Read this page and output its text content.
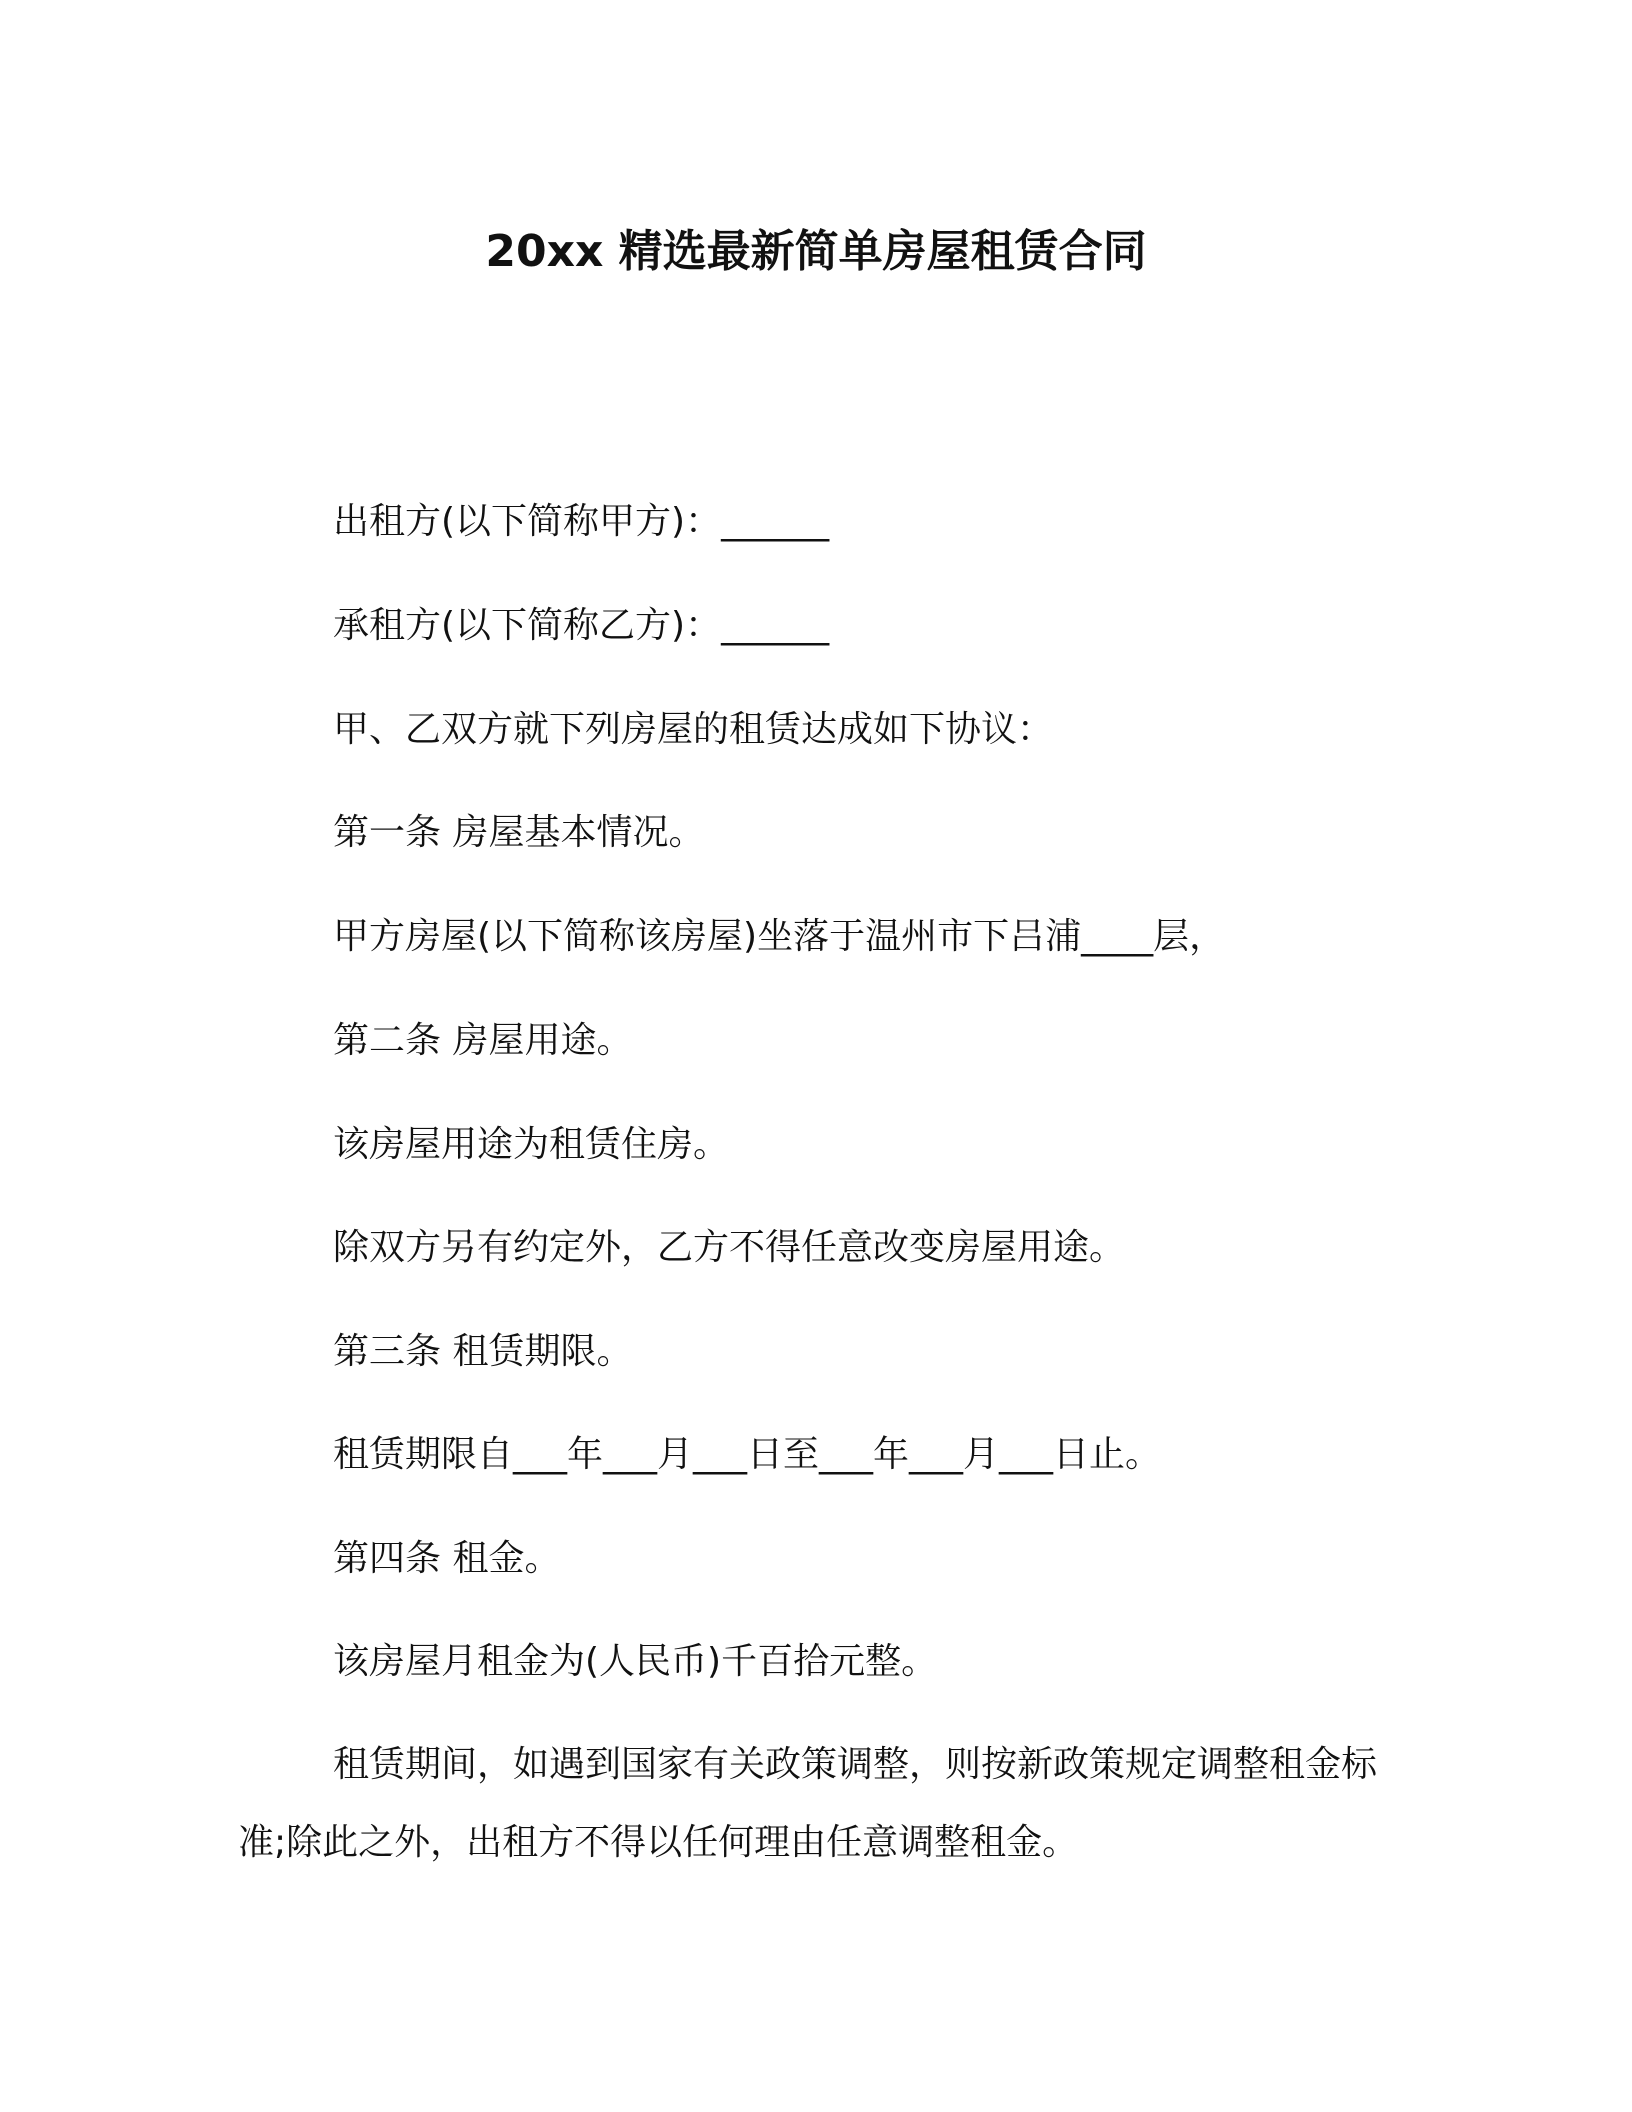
20xx 精选最新简单房屋租赁合同
出租方(以下简称甲方)：______
承租方(以下简称乙方)：______
甲、乙双方就下列房屋的租赁达成如下协议：
第一条 房屋基本情况。
甲方房屋(以下简称该房屋)坐落于温州市下吕浦____层，
第二条 房屋用途。
该房屋用途为租赁住房。
除双方另有约定外，乙方不得任意改变房屋用途。
第三条 租赁期限。
租赁期限自___年___月___日至___年___月___日止。
第四条 租金。
该房屋月租金为(人民币)千百拾元整。
租赁期间，如遇到国家有关政策调整，则按新政策规定调整租金标准;除此之外，出租方不得以任何理由任意调整租金。
